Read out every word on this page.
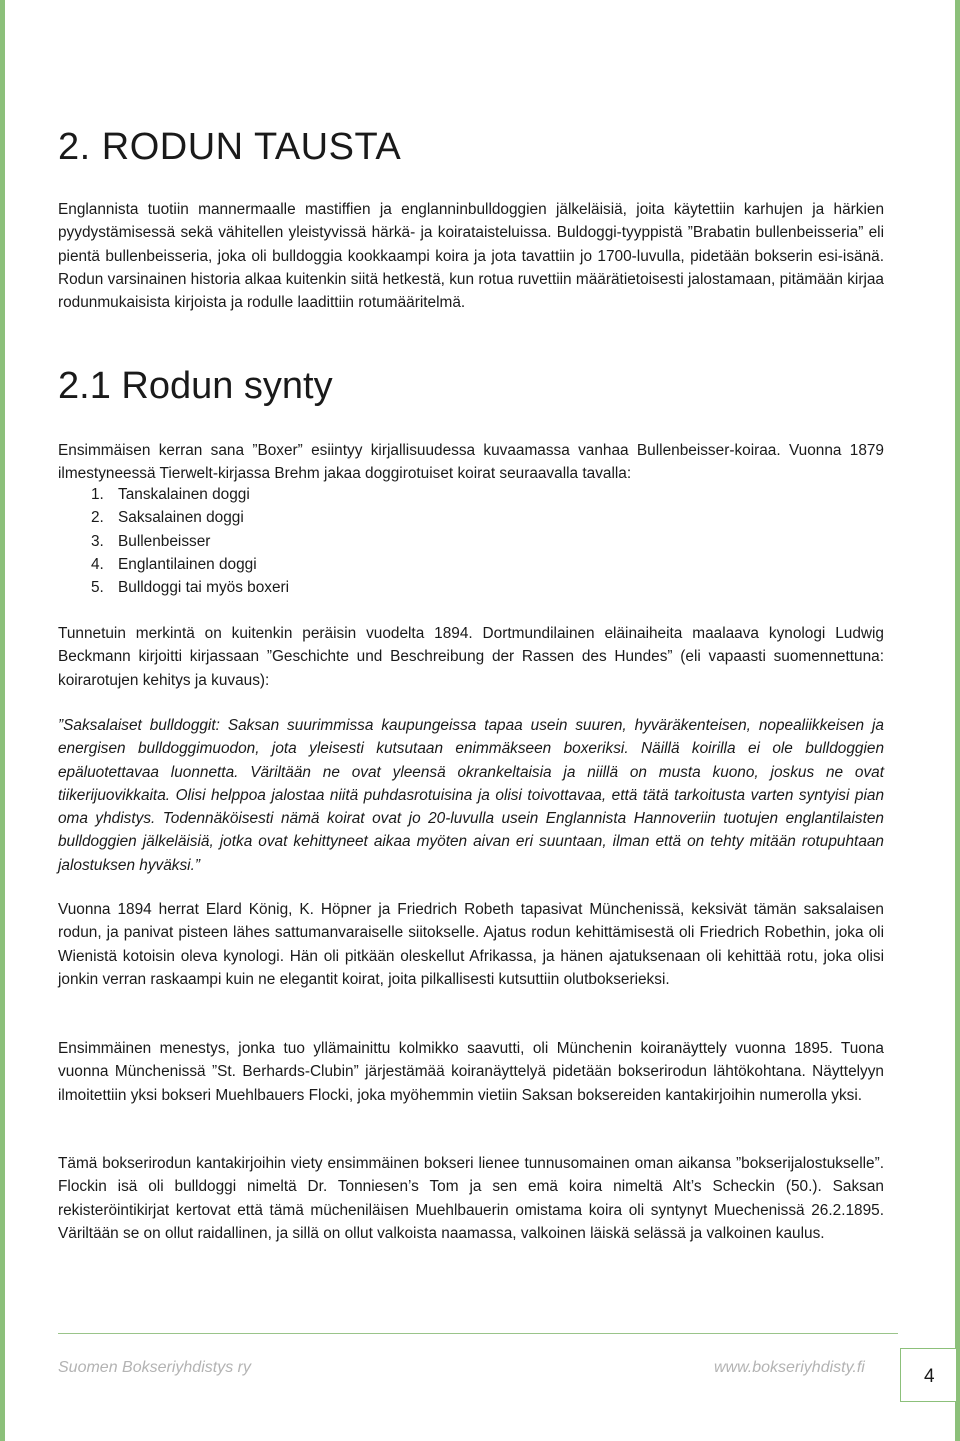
2. RODUN TAUSTA

Englannista tuotiin mannermaalle mastiffien ja englanninbulldoggien jälkeläisiä, joita käytettiin karhujen ja härkien pyydystämisessä sekä vähitellen yleistyvissä härkä- ja koirataisteluissa. Buldoggi-tyyppistä ”Brabatin bullenbeisseria” eli pientä bullenbeisseria, joka oli bulldoggia kookkaampi koira ja jota tavattiin jo 1700-luvulla, pidetään bokserin esi-isänä. Rodun varsinainen historia alkaa kuitenkin siitä hetkestä, kun rotua ruvettiin määrätietoisesti jalostamaan, pitämään kirjaa rodunmukaisista kirjoista ja rodulle laadittiin rotumääritelmä.

2.1 Rodun synty

Ensimmäisen kerran sana ”Boxer” esiintyy kirjallisuudessa kuvaamassa vanhaa Bullenbeisser-koiraa. Vuonna 1879 ilmestyneessä Tierwelt-kirjassa Brehm jakaa doggirotuiset koirat seuraavalla tavalla:

1. Tanskalainen doggi
2. Saksalainen doggi
3. Bullenbeisser
4. Englantilainen doggi
5. Bulldoggi tai myös boxeri

Tunnetuin merkintä on kuitenkin peräisin vuodelta 1894. Dortmundilainen eläinaiheita maalaava kynologi Ludwig Beckmann kirjoitti kirjassaan ”Geschichte und Beschreibung der Rassen des Hundes” (eli vapaasti suomennettuna: koirarotujen kehitys ja kuvaus):

”Saksalaiset bulldoggit: Saksan suurimmissa kaupungeissa tapaa usein suuren, hyväräkenteisen, nopealiikkeisen ja energisen bulldoggimuodon, jota yleisesti kutsutaan enimmäkseen boxeriksi. Näillä koirilla ei ole bulldoggien epäluotettavaa luonnetta. Väriltään ne ovat yleensä okrankeltaisia ja niillä on musta kuono, joskus ne ovat tiikerijuovikkaita. Olisi helppoa jalostaa niitä puhdasrotuisina ja olisi toivottavaa, että tätä tarkoitusta varten syntyisi pian oma yhdistys. Todennäköisesti nämä koirat ovat jo 20-luvulla usein Englannista Hannoveriin tuotujen englantilaisten bulldoggien jälkeläisiä, jotka ovat kehittyneet aikaa myöten aivan eri suuntaan, ilman että on tehty mitään rotupuhtaan jalostuksen hyväksi.”

Vuonna 1894 herrat Elard König, K. Höpner ja Friedrich Robeth tapasivat Münchenissä, keksivät tämän saksalaisen rodun, ja panivat pisteen lähes sattumanvaraiselle siitokselle. Ajatus rodun kehittämisestä oli Friedrich Robethin, joka oli Wienistä kotoisin oleva kynologi. Hän oli pitkään oleskellut Afrikassa, ja hänen ajatuksenaan oli kehittää rotu, joka olisi jonkin verran raskaampi kuin ne elegantit koirat, joita pilkallisesti kutsuttiin olutbokserieksi.

Ensimmäinen menestys, jonka tuo yllämainittu kolmikko saavutti, oli Münchenin koiranäyttely vuonna 1895. Tuona vuonna Münchenissä ”St. Berhards-Clubin” järjestämää koiranäyttelyä pidetään bokserirodun lähtökohtana. Näyttelyyn ilmoitettiin yksi bokseri Muehlbauers Flocki, joka myöhemmin vietiin Saksan boksereiden kantakirjoihin numerolla yksi.

Tämä bokserirodun kantakirjoihin viety ensimmäinen bokseri lienee tunnusomainen oman aikansa ”bokserijalostukselle”. Flockin isä oli bulldoggi nimeltä Dr. Tonniesen’s Tom ja sen emä koira nimeltä Alt’s Scheckin (50.). Saksan rekisteröintikirjat kertovat että tämä mücheniläisen Muehlbauerin omistama koira oli syntynyt Muechenissä 26.2.1895. Väriltään se on ollut raidallinen, ja sillä on ollut valkoista naamassa, valkoinen läiskä selässä ja valkoinen kaulus.

Suomen Bokseriyhdistys ry	www.bokseriyhdisty.fi	4
